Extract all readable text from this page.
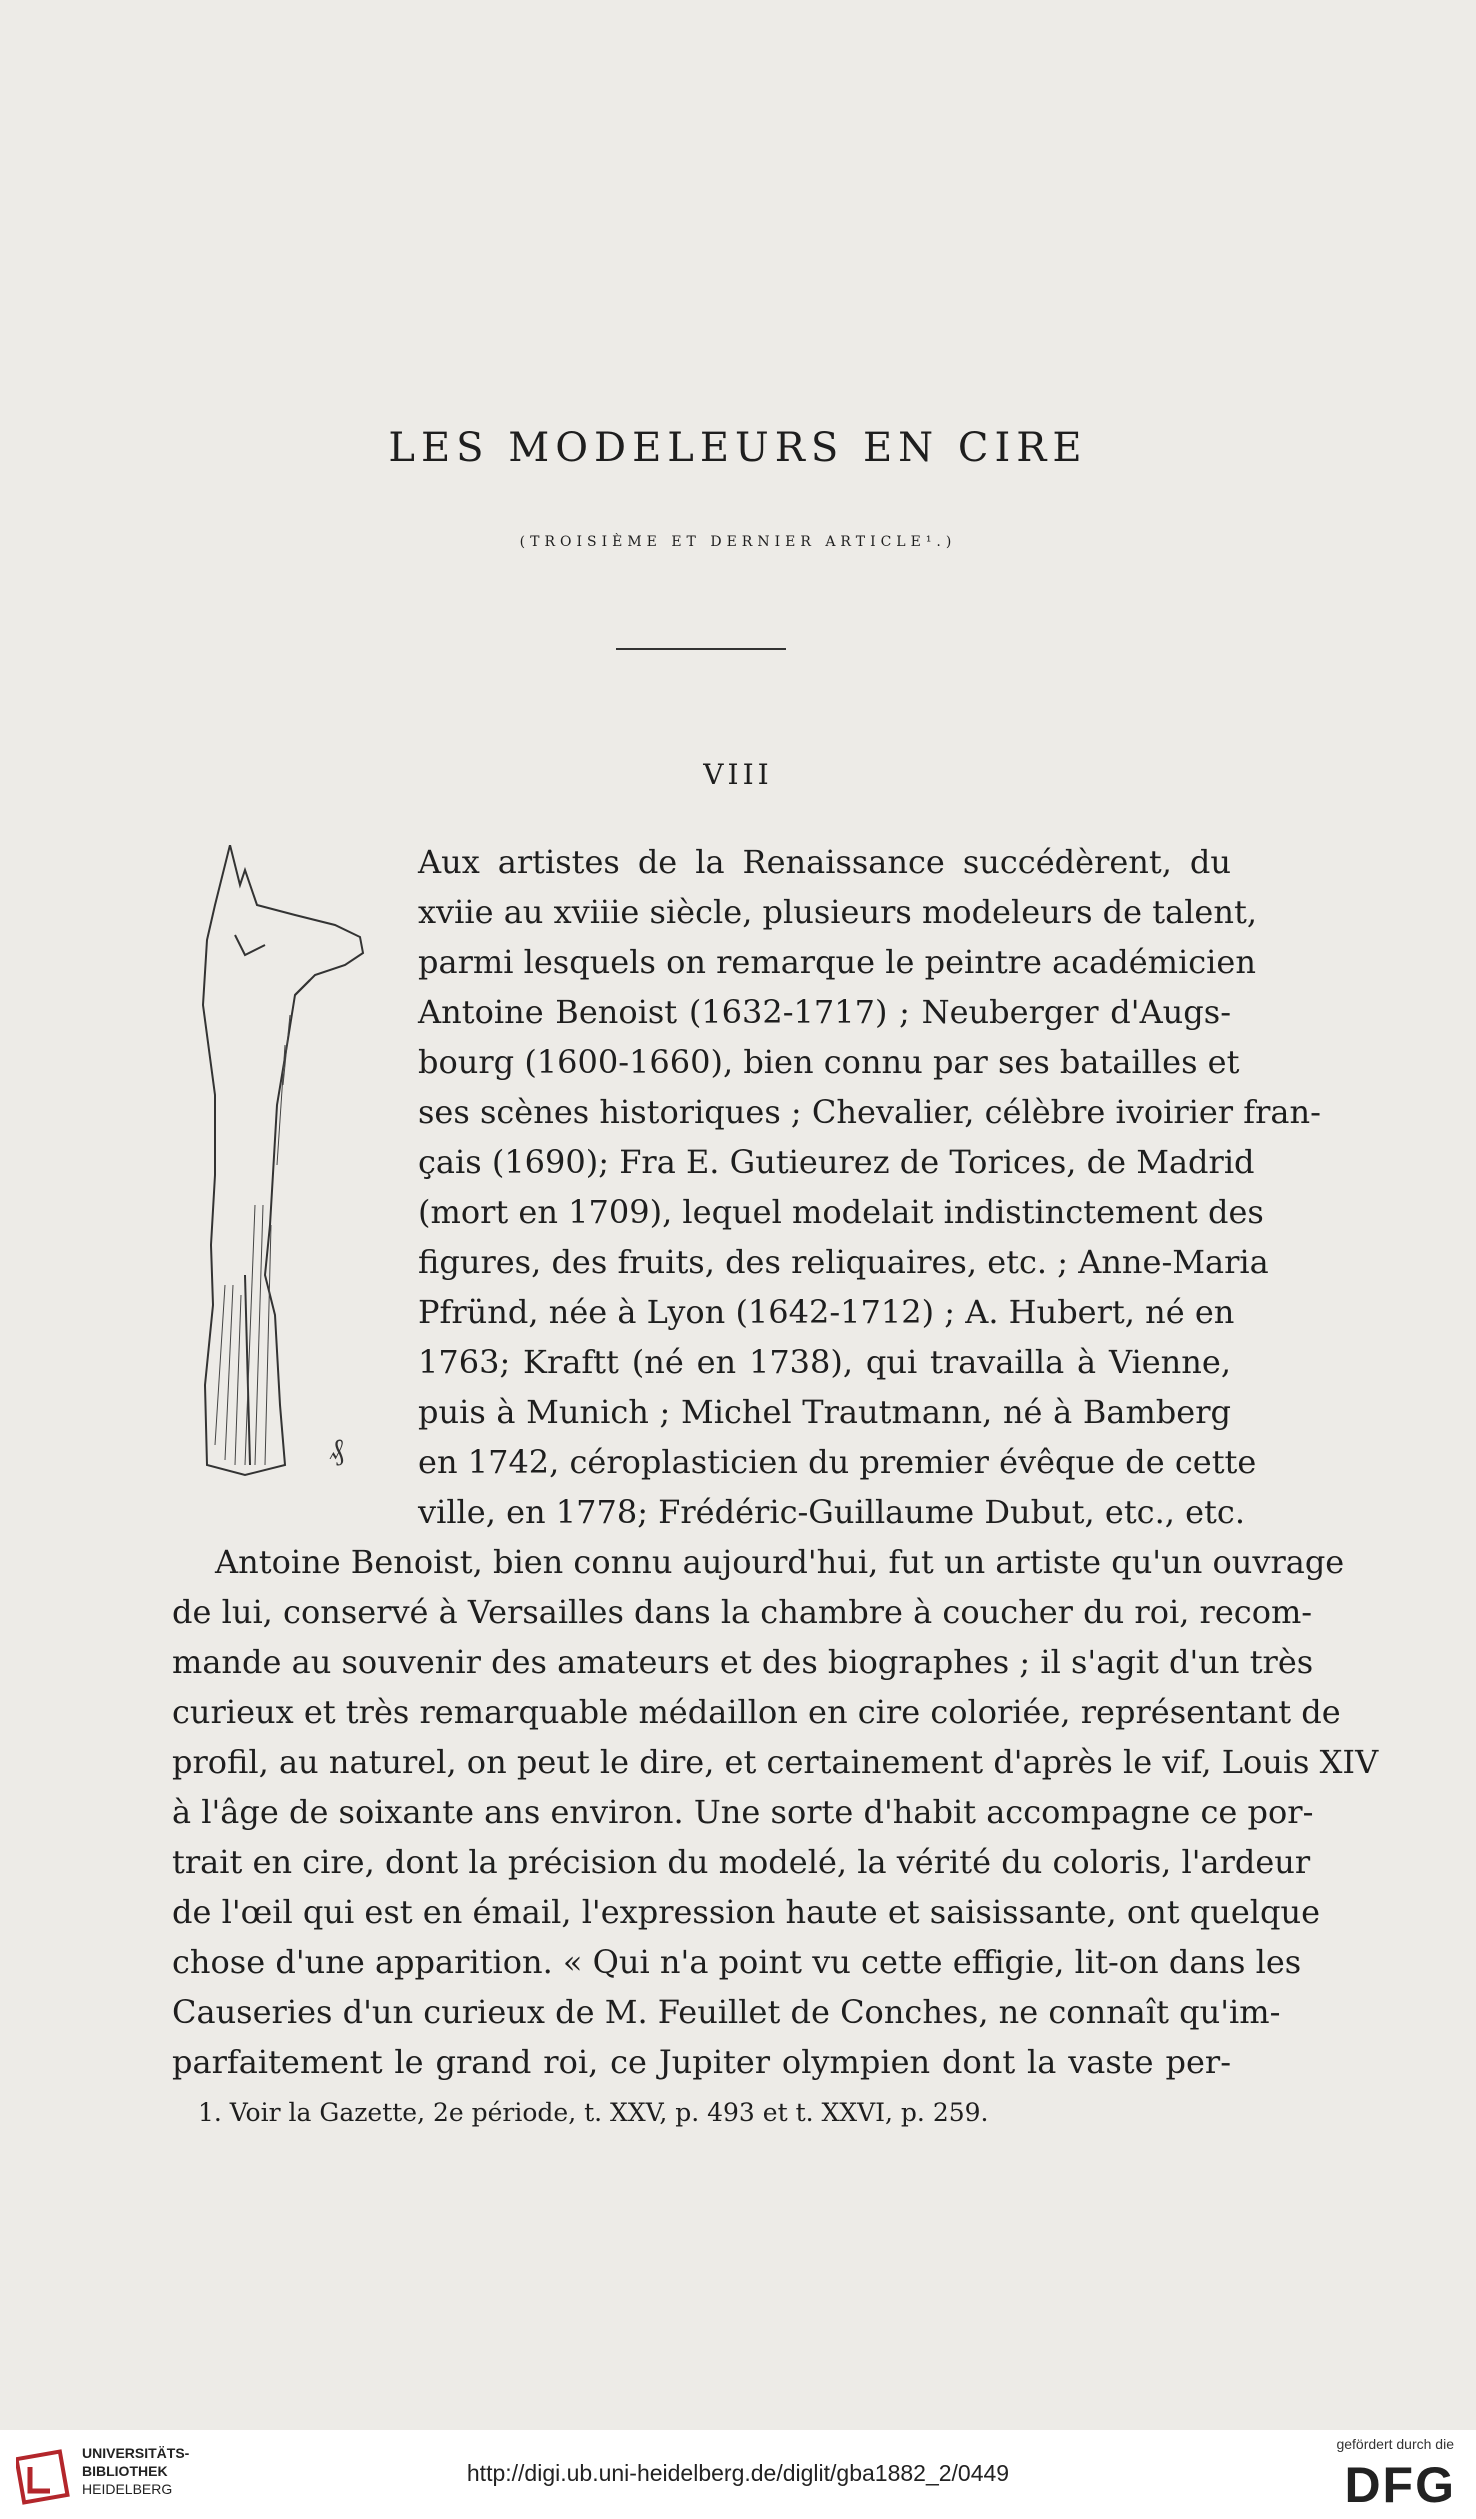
LES MODELEURS EN CIRE
(TROISIÈME ET DERNIER ARTICLE¹.)
VIII
₰
Aux artistes de la Renaissance succédèrent, du
xviie au xviiie siècle, plusieurs modeleurs de talent,
parmi lesquels on remarque le peintre académicien
Antoine Benoist (1632-1717) ; Neuberger d'Augs-
bourg (1600-1660), bien connu par ses batailles et
ses scènes historiques ; Chevalier, célèbre ivoirier fran-
çais (1690); Fra E. Gutieurez de Torices, de Madrid
(mort en 1709), lequel modelait indistinctement des
figures, des fruits, des reliquaires, etc. ; Anne-Maria
Pfründ, née à Lyon (1642-1712) ; A. Hubert, né en
1763; Kraftt (né en 1738), qui travailla à Vienne,
puis à Munich ; Michel Trautmann, né à Bamberg
en 1742, céroplasticien du premier évêque de cette
ville, en 1778; Frédéric-Guillaume Dubut, etc., etc.
Antoine Benoist, bien connu aujourd'hui, fut un artiste qu'un ouvrage
de lui, conservé à Versailles dans la chambre à coucher du roi, recom-
mande au souvenir des amateurs et des biographes ; il s'agit d'un très
curieux et très remarquable médaillon en cire coloriée, représentant de
profil, au naturel, on peut le dire, et certainement d'après le vif, Louis XIV
à l'âge de soixante ans environ. Une sorte d'habit accompagne ce por-
trait en cire, dont la précision du modelé, la vérité du coloris, l'ardeur
de l'œil qui est en émail, l'expression haute et saisissante, ont quelque
chose d'une apparition. « Qui n'a point vu cette effigie, lit-on dans les
Causeries d'un curieux de M. Feuillet de Conches, ne connaît qu'im-
parfaitement le grand roi, ce Jupiter olympien dont la vaste per-
1. Voir la Gazette, 2e période, t. XXV, p. 493 et t. XXVI, p. 259.
UNIVERSITÄTS-
BIBLIOTHEK
HEIDELBERG
http://digi.ub.uni-heidelberg.de/diglit/gba1882_2/0449
gefördert durch die
DFG
